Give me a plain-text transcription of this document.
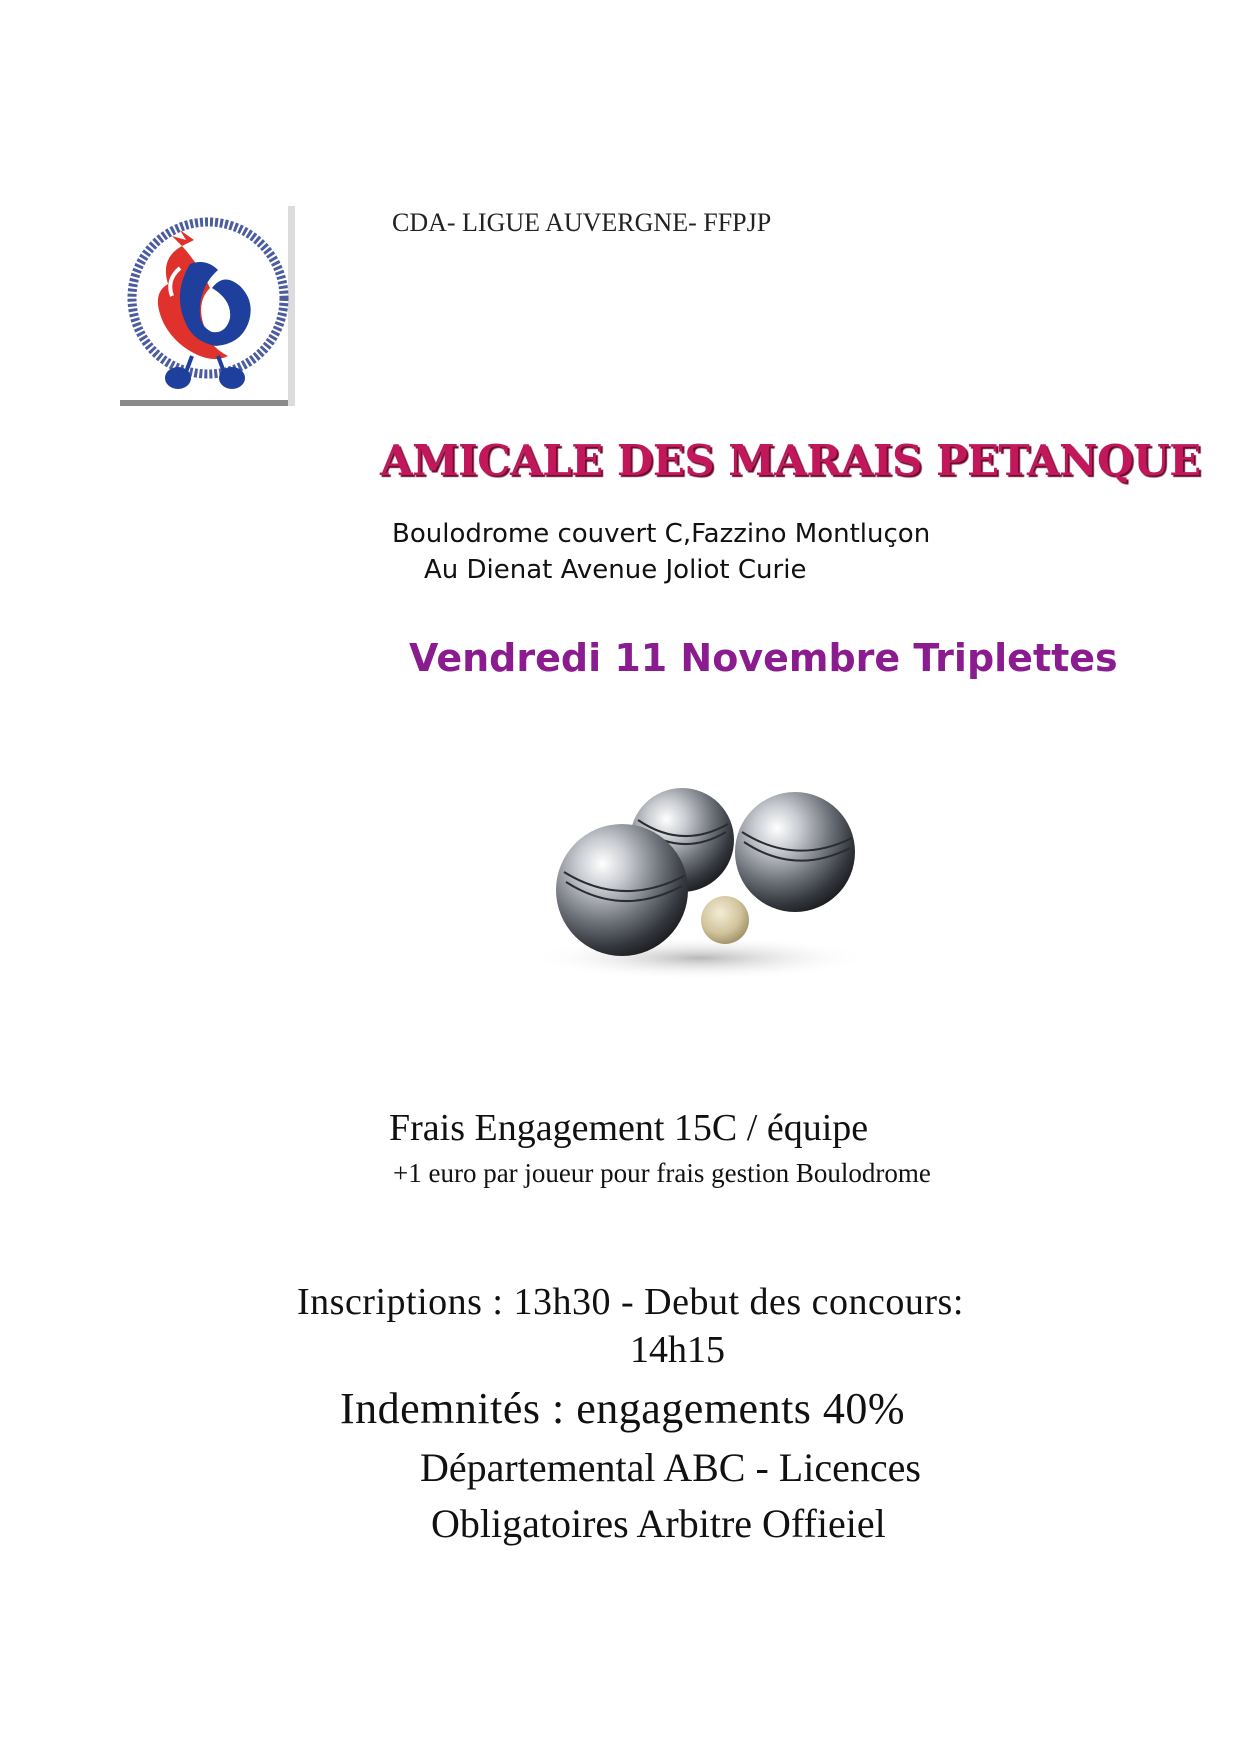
CDA- LIGUE AUVERGNE- FFPJP
AMICALE DES MARAIS PETANQUE
Boulodrome couvert C,Fazzino Montluçon
Au Dienat Avenue Joliot Curie
Vendredi 11 Novembre Triplettes
Frais Engagement 15C / équipe
+1 euro par joueur pour frais gestion Boulodrome
Inscriptions : 13h30 - Debut des concours:
14h15
Indemnités : engagements 40%
Départemental ABC - Licences
Obligatoires Arbitre Offieiel
